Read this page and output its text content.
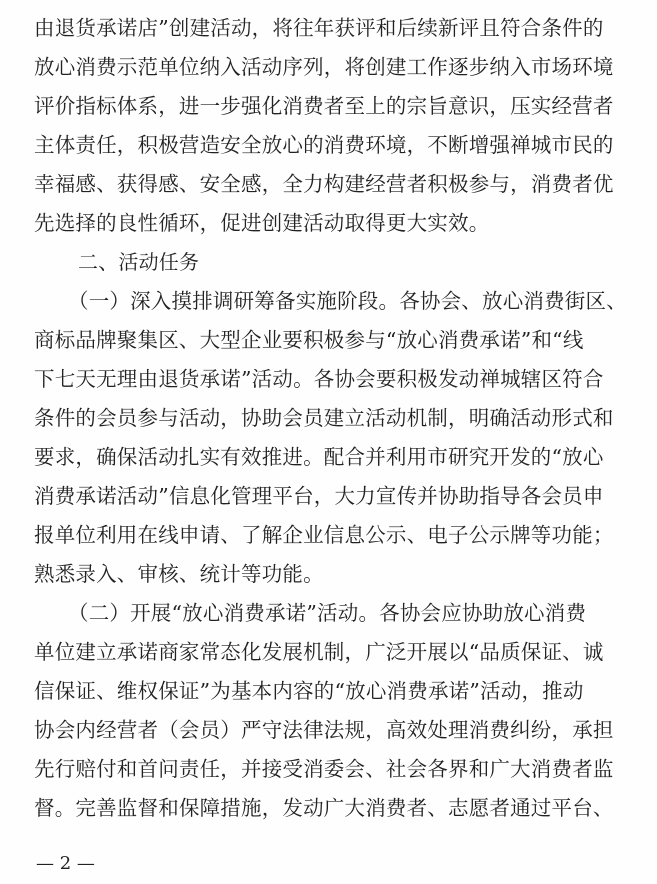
由退货承诺店”创建活动，将往年获评和后续新评且符合条件的
放心消费示范单位纳入活动序列，将创建工作逐步纳入市场环境
评价指标体系，进一步强化消费者至上的宗旨意识，压实经营者
主体责任，积极营造安全放心的消费环境，不断增强禅城市民的
幸福感、获得感、安全感，全力构建经营者积极参与，消费者优
先选择的良性循环，促进创建活动取得更大实效。
二、活动任务
（一）深入摸排调研筹备实施阶段。各协会、放心消费街区、
商标品牌聚集区、大型企业要积极参与“放心消费承诺”和“线
下七天无理由退货承诺”活动。各协会要积极发动禅城辖区符合
条件的会员参与活动，协助会员建立活动机制，明确活动形式和
要求，确保活动扎实有效推进。配合并利用市研究开发的“放心
消费承诺活动”信息化管理平台，大力宣传并协助指导各会员申
报单位利用在线申请、了解企业信息公示、电子公示牌等功能；
熟悉录入、审核、统计等功能。
（二）开展“放心消费承诺”活动。各协会应协助放心消费
单位建立承诺商家常态化发展机制，广泛开展以“品质保证、诚
信保证、维权保证”为基本内容的“放心消费承诺”活动，推动
协会内经营者（会员）严守法律法规，高效处理消费纠纷，承担
先行赔付和首问责任，并接受消委会、社会各界和广大消费者监
督。完善监督和保障措施，发动广大消费者、志愿者通过平台、
— 2 —
